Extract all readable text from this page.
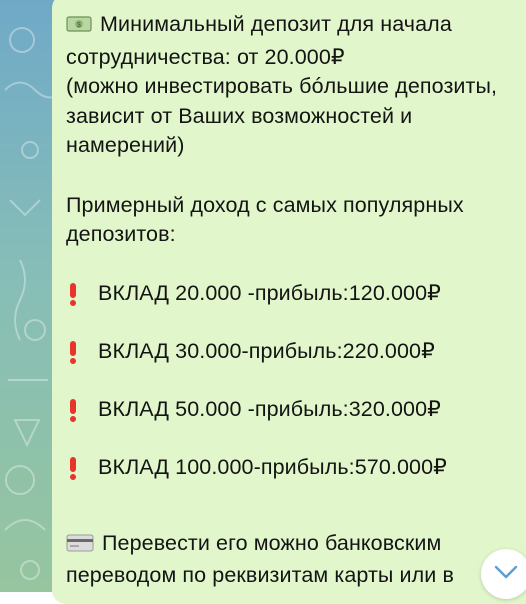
$ Минимальный депозит для начала сотрудничества: от 20.000₽
(можно инвестировать бóльшие депозиты, зависит от Ваших возможностей и намерений)
Примерный доход с самых популярных депозитов:
ВКЛАД 20.000 -прибыль:120.000₽
ВКЛАД 30.000-прибыль:220.000₽
ВКЛАД 50.000 -прибыль:320.000₽
ВКЛАД 100.000-прибыль:570.000₽
Перевести его можно банковским переводом по реквизитам карты или в
